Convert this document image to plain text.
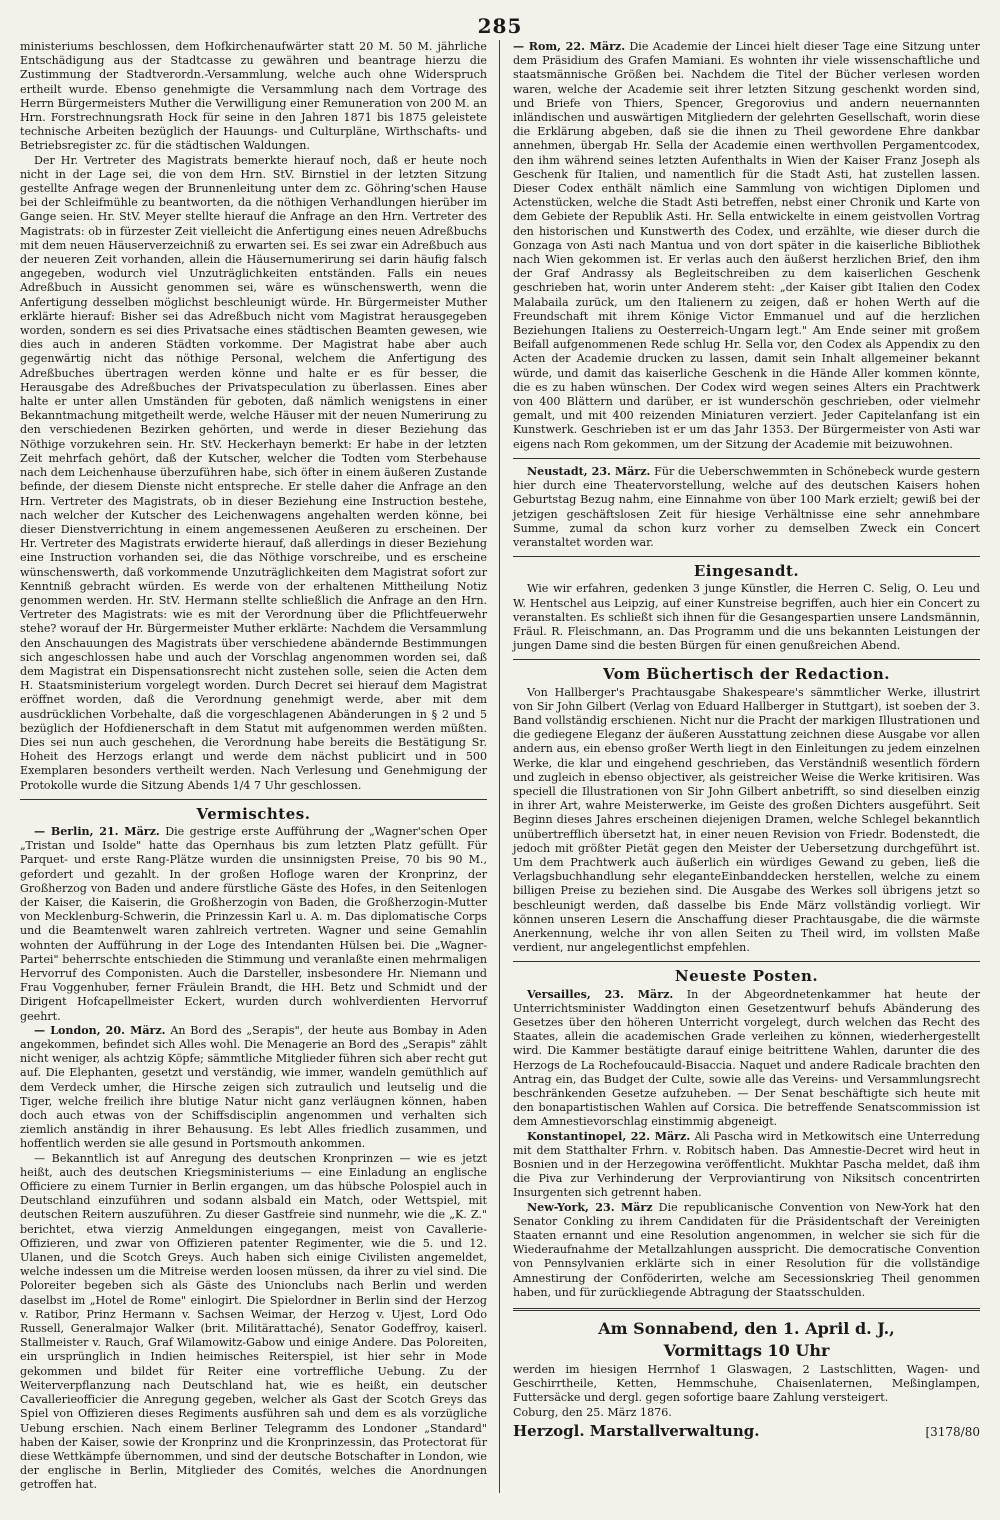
285

ministeriums beschlossen, dem Hofkirchenaufwärter statt 20 M. 50 M. jährliche Entschädigung aus der Stadtcasse zu gewähren und beantrage hierzu die Zustimmung der Stadtverordn.-Versammlung, welche auch ohne Widerspruch ertheilt wurde. Ebenso genehmigte die Versammlung nach dem Vortrage des Herrn Bürgermeisters Muther die Verwilligung einer Remuneration von 200 M. an Hrn. Forstrechnungsrath Hock für seine in den Jahren 1871 bis 1875 geleistete technische Arbeiten bezüglich der Hauungs- und Culturpläne, Wirthschafts- und Betriebsregister zc. für die städtischen Waldungen.

Der Hr. Vertreter des Magistrats bemerkte hierauf noch, daß er heute noch nicht in der Lage sei, die von dem Hrn. StV. Birnstiel in der letzten Sitzung gestellte Anfrage wegen der Brunnenleitung unter dem zc. Göhring'schen Hause bei der Schleifmühle zu beantworten, da die nöthigen Verhandlungen hierüber im Gange seien. Hr. StV. Meyer stellte hierauf die Anfrage an den Hrn. Vertreter des Magistrats: ob in fürzester Zeit vielleicht die Anfertigung eines neuen Adreßbuchs mit dem neuen Häuserverzeichniß zu erwarten sei. Es sei zwar ein Adreßbuch aus der neueren Zeit vorhanden, allein die Häusernumerirung sei darin häufig falsch angegeben, wodurch viel Unzuträglichkeiten entständen. Falls ein neues Adreßbuch in Aussicht genommen sei, wäre es wünschenswerth, wenn die Anfertigung desselben möglichst beschleunigt würde. Hr. Bürgermeister Muther erklärte hierauf: Bisher sei das Adreßbuch nicht vom Magistrat herausgegeben worden, sondern es sei dies Privatsache eines städtischen Beamten gewesen, wie dies auch in anderen Städten vorkomme. Der Magistrat habe aber auch gegenwärtig nicht das nöthige Personal, welchem die Anfertigung des Adreßbuches übertragen werden könne und halte er es für besser, die Herausgabe des Adreßbuches der Privatspeculation zu überlassen. Eines aber halte er unter allen Umständen für geboten, daß nämlich wenigstens in einer Bekanntmachung mitgetheilt werde, welche Häuser mit der neuen Numerirung zu den verschiedenen Bezirken gehörten, und werde in dieser Beziehung das Nöthige vorzukehren sein. Hr. StV. Heckerhayn bemerkt: Er habe in der letzten Zeit mehrfach gehört, daß der Kutscher, welcher die Todten vom Sterbehause nach dem Leichenhause überzuführen habe, sich öfter in einem äußeren Zustande befinde, der diesem Dienste nicht entspreche. Er stelle daher die Anfrage an den Hrn. Vertreter des Magistrats, ob in dieser Beziehung eine Instruction bestehe, nach welcher der Kutscher des Leichenwagens angehalten werden könne, bei dieser Dienstverrichtung in einem angemessenen Aeußeren zu erscheinen. Der Hr. Vertreter des Magistrats erwiderte hierauf, daß allerdings in dieser Beziehung eine Instruction vorhanden sei, die das Nöthige vorschreibe, und es erscheine wünschenswerth, daß vorkommende Unzuträglichkeiten dem Magistrat sofort zur Kenntniß gebracht würden. Es werde von der erhaltenen Mittheilung Notiz genommen werden. Hr. StV. Hermann stellte schließlich die Anfrage an den Hrn. Vertreter des Magistrats: wie es mit der Verordnung über die Pflichtfeuerwehr stehe? worauf der Hr. Bürgermeister Muther erklärte: Nachdem die Versammlung den Anschauungen des Magistrats über verschiedene abändernde Bestimmungen sich angeschlossen habe und auch der Vorschlag angenommen worden sei, daß dem Magistrat ein Dispensationsrecht nicht zustehen solle, seien die Acten dem H. Staatsministerium vorgelegt worden. Durch Decret sei hierauf dem Magistrat eröffnet worden, daß die Verordnung genehmigt werde, aber mit dem ausdrücklichen Vorbehalte, daß die vorgeschlagenen Abänderungen in § 2 und 5 bezüglich der Hofdienerschaft in dem Statut mit aufgenommen werden müßten. Dies sei nun auch geschehen, die Verordnung habe bereits die Bestätigung Sr. Hoheit des Herzogs erlangt und werde dem nächst publicirt und in 500 Exemplaren besonders vertheilt werden. Nach Verlesung und Genehmigung der Protokolle wurde die Sitzung Abends 1/4 7 Uhr geschlossen.

Vermischtes.

— Berlin, 21. März. Die gestrige erste Aufführung der „Wagner'schen Oper „Tristan und Isolde" hatte das Opernhaus bis zum letzten Platz gefüllt. Für Parquet- und erste Rang-Plätze wurden die unsinnigsten Preise, 70 bis 90 M., gefordert und gezahlt. In der großen Hofloge waren der Kronprinz, der Großherzog von Baden und andere fürstliche Gäste des Hofes, in den Seitenlogen der Kaiser, die Kaiserin, die Großherzogin von Baden, die Großherzogin-Mutter von Mecklenburg-Schwerin, die Prinzessin Karl u. A. m. Das diplomatische Corps und die Beamtenwelt waren zahlreich vertreten. Wagner und seine Gemahlin wohnten der Aufführung in der Loge des Intendanten Hülsen bei. Die „Wagner-Partei" beherrschte entschieden die Stimmung und veranlaßte einen mehrmaligen Hervorruf des Componisten. Auch die Darsteller, insbesondere Hr. Niemann und Frau Voggenhuber, ferner Fräulein Brandt, die HH. Betz und Schmidt und der Dirigent Hofcapellmeister Eckert, wurden durch wohlverdienten Hervorruf geehrt.

— London, 20. März. An Bord des „Serapis", der heute aus Bombay in Aden angekommen, befindet sich Alles wohl. Die Menagerie an Bord des „Serapis" zählt nicht weniger, als achtzig Köpfe; sämmtliche Mitglieder führen sich aber recht gut auf. Die Elephanten, gesetzt und verständig, wie immer, wandeln gemüthlich auf dem Verdeck umher, die Hirsche zeigen sich zutraulich und leutselig und die Tiger, welche freilich ihre blutige Natur nicht ganz verläugnen können, haben doch auch etwas von der Schiffsdisciplin angenommen und verhalten sich ziemlich anständig in ihrer Behausung. Es lebt Alles friedlich zusammen, und hoffentlich werden sie alle gesund in Portsmouth ankommen.

— Bekanntlich ist auf Anregung des deutschen Kronprinzen — wie es jetzt heißt, auch des deutschen Kriegsministeriums — eine Einladung an englische Officiere zu einem Turnier in Berlin ergangen, um das hübsche Polospiel auch in Deutschland einzuführen und sodann alsbald ein Match, oder Wettspiel, mit deutschen Reitern auszuführen. Zu dieser Gastfreie sind nunmehr, wie die „K. Z." berichtet, etwa vierzig Anmeldungen eingegangen, meist von Cavallerie-Offizieren, und zwar von Offizieren patenter Regimenter, wie die 5. und 12. Ulanen, und die Scotch Greys. Auch haben sich einige Civilisten angemeldet, welche indessen um die Mitreise werden loosen müssen, da ihrer zu viel sind. Die Poloreiter begeben sich als Gäste des Unionclubs nach Berlin und werden daselbst im „Hotel de Rome" einlogirt. Die Spielordner in Berlin sind der Herzog v. Ratibor, Prinz Hermann v. Sachsen Weimar, der Herzog v. Ujest, Lord Odo Russell, Generalmajor Walker (brit. Militärattaché), Senator Godeffroy, kaiserl. Stallmeister v. Rauch, Graf Wilamowitz-Gabow und einige Andere. Das Poloreiten, ein ursprünglich in Indien heimisches Reiterspiel, ist hier sehr in Mode gekommen und bildet für Reiter eine vortreffliche Uebung. Zu der Weiterverpflanzung nach Deutschland hat, wie es heißt, ein deutscher Cavallerieofficier die Anregung gegeben, welcher als Gast der Scotch Greys das Spiel von Offizieren dieses Regiments ausführen sah und dem es als vorzügliche Uebung erschien. Nach einem Berliner Telegramm des Londoner „Standard" haben der Kaiser, sowie der Kronprinz und die Kronprinzessin, das Protectorat für diese Wettkämpfe übernommen, und sind der deutsche Botschafter in London, wie der englische in Berlin, Mitglieder des Comités, welches die Anordnungen getroffen hat.

— Rom, 22. März. Die Academie der Lincei hielt dieser Tage eine Sitzung unter dem Präsidium des Grafen Mamiani. Es wohnten ihr viele wissenschaftliche und staatsmännische Größen bei. Nachdem die Titel der Bücher verlesen worden waren, welche der Academie seit ihrer letzten Sitzung geschenkt worden sind, und Briefe von Thiers, Spencer, Gregorovius und andern neuernannten inländischen und auswärtigen Mitgliedern der gelehrten Gesellschaft, worin diese die Erklärung abgeben, daß sie die ihnen zu Theil gewordene Ehre dankbar annehmen, übergab Hr. Sella der Academie einen werthvollen Pergamentcodex, den ihm während seines letzten Aufenthalts in Wien der Kaiser Franz Joseph als Geschenk für Italien, und namentlich für die Stadt Asti, hat zustellen lassen. Dieser Codex enthält nämlich eine Sammlung von wichtigen Diplomen und Actenstücken, welche die Stadt Asti betreffen, nebst einer Chronik und Karte von dem Gebiete der Republik Asti. Hr. Sella entwickelte in einem geistvollen Vortrag den historischen und Kunstwerth des Codex, und erzählte, wie dieser durch die Gonzaga von Asti nach Mantua und von dort später in die kaiserliche Bibliothek nach Wien gekommen ist. Er verlas auch den äußerst herzlichen Brief, den ihm der Graf Andrassy als Begleitschreiben zu dem kaiserlichen Geschenk geschrieben hat, worin unter Anderem steht: „der Kaiser gibt Italien den Codex Malabaila zurück, um den Italienern zu zeigen, daß er hohen Werth auf die Freundschaft mit ihrem Könige Victor Emmanuel und auf die herzlichen Beziehungen Italiens zu Oesterreich-Ungarn legt." Am Ende seiner mit großem Beifall aufgenommenen Rede schlug Hr. Sella vor, den Codex als Appendix zu den Acten der Academie drucken zu lassen, damit sein Inhalt allgemeiner bekannt würde, und damit das kaiserliche Geschenk in die Hände Aller kommen könnte, die es zu haben wünschen. Der Codex wird wegen seines Alters ein Prachtwerk von 400 Blättern und darüber, er ist wunderschön geschrieben, oder vielmehr gemalt, und mit 400 reizenden Miniaturen verziert. Jeder Capitelanfang ist ein Kunstwerk. Geschrieben ist er um das Jahr 1353. Der Bürgermeister von Asti war eigens nach Rom gekommen, um der Sitzung der Academie mit beizuwohnen.

Neustadt, 23. März. Für die Ueberschwemmten in Schönebeck wurde gestern hier durch eine Theatervorstellung, welche auf des deutschen Kaisers hohen Geburtstag Bezug nahm, eine Einnahme von über 100 Mark erzielt; gewiß bei der jetzigen geschäftslosen Zeit für hiesige Verhältnisse eine sehr annehmbare Summe, zumal da schon kurz vorher zu demselben Zweck ein Concert veranstaltet worden war.

Eingesandt.

Wie wir erfahren, gedenken 3 junge Künstler, die Herren C. Selig, O. Leu und W. Hentschel aus Leipzig, auf einer Kunstreise begriffen, auch hier ein Concert zu veranstalten. Es schließt sich ihnen für die Gesangespartien unsere Landsmännin, Fräul. R. Fleischmann, an. Das Programm und die uns bekannten Leistungen der jungen Dame sind die besten Bürgen für einen genußreichen Abend.

Vom Büchertisch der Redaction.

Von Hallberger's Prachtausgabe Shakespeare's sämmtlicher Werke, illustrirt von Sir John Gilbert (Verlag von Eduard Hallberger in Stuttgart), ist soeben der 3. Band vollständig erschienen. Nicht nur die Pracht der markigen Illustrationen und die gediegene Eleganz der äußeren Ausstattung zeichnen diese Ausgabe vor allen andern aus, ein ebenso großer Werth liegt in den Einleitungen zu jedem einzelnen Werke, die klar und eingehend geschrieben, das Verständniß wesentlich fördern und zugleich in ebenso objectiver, als geistreicher Weise die Werke kritisiren. Was speciell die Illustrationen von Sir John Gilbert anbetrifft, so sind dieselben einzig in ihrer Art, wahre Meisterwerke, im Geiste des großen Dichters ausgeführt. Seit Beginn dieses Jahres erscheinen diejenigen Dramen, welche Schlegel bekanntlich unübertrefflich übersetzt hat, in einer neuen Revision von Friedr. Bodenstedt, die jedoch mit größter Pietät gegen den Meister der Uebersetzung durchgeführt ist. Um dem Prachtwerk auch äußerlich ein würdiges Gewand zu geben, ließ die Verlagsbuchhandlung sehr eleganteEinbanddecken herstellen, welche zu einem billigen Preise zu beziehen sind. Die Ausgabe des Werkes soll übrigens jetzt so beschleunigt werden, daß dasselbe bis Ende März vollständig vorliegt. Wir können unseren Lesern die Anschaffung dieser Prachtausgabe, die die wärmste Anerkennung, welche ihr von allen Seiten zu Theil wird, im vollsten Maße verdient, nur angelegentlichst empfehlen.

Neueste Posten.

Versailles, 23. März. In der Abgeordnetenkammer hat heute der Unterrichtsminister Waddington einen Gesetzentwurf behufs Abänderung des Gesetzes über den höheren Unterricht vorgelegt, durch welchen das Recht des Staates, allein die academischen Grade verleihen zu können, wiederhergestellt wird. Die Kammer bestätigte darauf einige beitrittene Wahlen, darunter die des Herzogs de La Rochefoucauld-Bisaccia. Naquet und andere Radicale brachten den Antrag ein, das Budget der Culte, sowie alle das Vereins- und Versammlungsrecht beschränkenden Gesetze aufzuheben. — Der Senat beschäftigte sich heute mit den bonapartistischen Wahlen auf Corsica. Die betreffende Senatscommission ist dem Amnestievorschlag einstimmig abgeneigt.

Konstantinopel, 22. März. Ali Pascha wird in Metkowitsch eine Unterredung mit dem Statthalter Frhrn. v. Robitsch haben. Das Amnestie-Decret wird heut in Bosnien und in der Herzegowina veröffentlicht. Mukhtar Pascha meldet, daß ihm die Piva zur Verhinderung der Verproviantirung von Niksitsch concentrirten Insurgenten sich getrennt haben.

New-York, 23. März Die republicanische Convention von New-York hat den Senator Conkling zu ihrem Candidaten für die Präsidentschaft der Vereinigten Staaten ernannt und eine Resolution angenommen, in welcher sie sich für die Wiederaufnahme der Metallzahlungen ausspricht. Die democratische Convention von Pennsylvanien erklärte sich in einer Resolution für die vollständige Amnestirung der Conföderirten, welche am Secessionskrieg Theil genommen haben, und für zurückliegende Abtragung der Staatsschulden.

Am Sonnabend, den 1. April d. J.,
Vormittags 10 Uhr

werden im hiesigen Herrnhof 1 Glaswagen, 2 Lastschlitten, Wagen- und Geschirrtheile, Ketten, Hemmschuhe, Chaisenlaternen, Meßinglampen, Futtersäcke und dergl. gegen sofortige baare Zahlung versteigert.

Coburg, den 25. März 1876.

Herzogl. Marstallverwaltung.	[3178/80
